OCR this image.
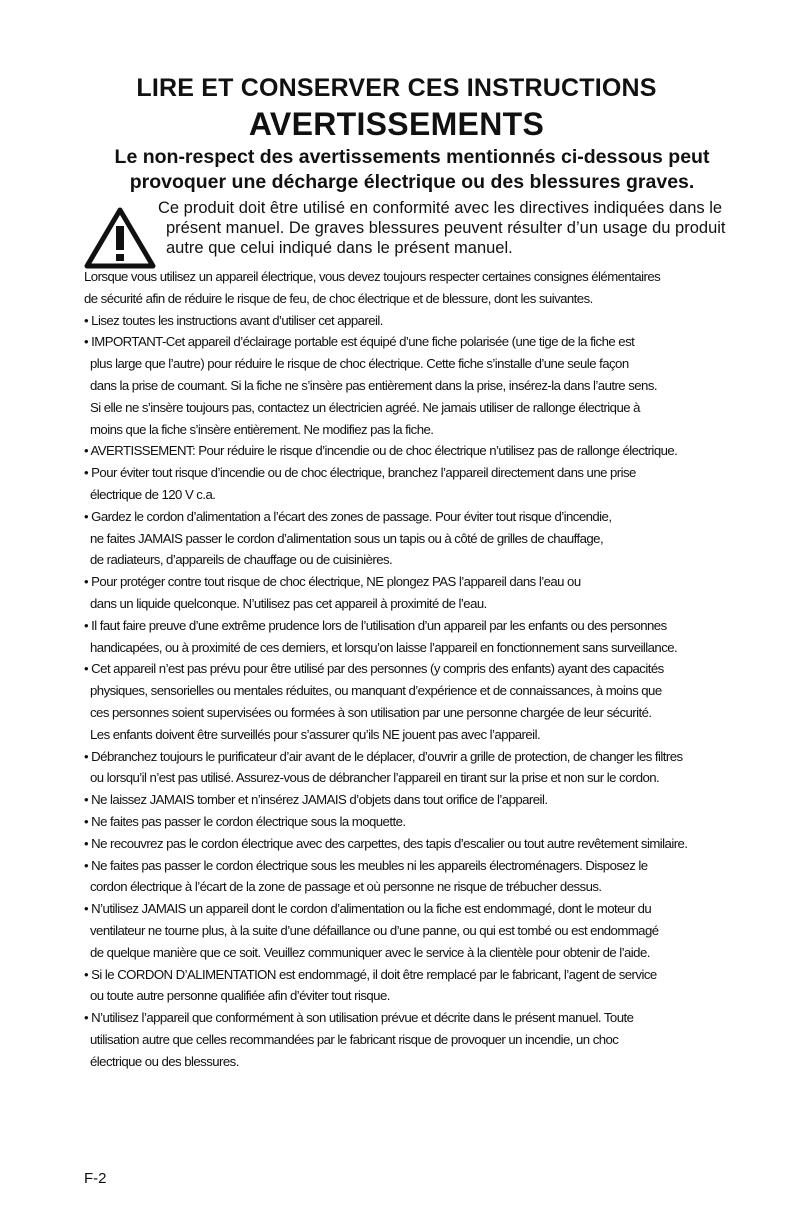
LIRE ET CONSERVER CES INSTRUCTIONS
AVERTISSEMENTS
Le non-respect des avertissements mentionnés ci-dessous peut provoquer une décharge électrique ou des blessures graves.
Ce produit doit être utilisé en conformité avec les directives indiquées dans le
présent manuel. De graves blessures peuvent résulter d’un usage du produit
autre que celui indiqué dans le présent manuel.
Lorsque vous utilisez un appareil électrique, vous devez toujours respecter certaines consignes élémentaires
de sécurité afin de réduire le risque de feu, de choc électrique et de blessure, dont les suivantes.
• Lisez toutes les instructions avant d’utiliser cet appareil.
• IMPORTANT-Cet appareil d’éclairage portable est équipé d’une fiche polarisée (une tige de la fiche est
plus large que l’autre) pour réduire le risque de choc électrique. Cette fiche s’installe d’une seule façon
dans la prise de coumant. Si la fiche ne s’insère pas entièrement dans la prise, insérez-la dans l’autre sens.
Si elle ne s’insère toujours pas, contactez un électricien agréé. Ne jamais utiliser de rallonge électrique à
moins que la fiche s’insère entièrement. Ne modifiez pas la fiche.
• AVERTISSEMENT: Pour réduire le risque d’incendie ou de choc électrique n’utilisez pas de rallonge électrique.
• Pour éviter tout risque d’incendie ou de choc électrique, branchez l’appareil directement dans une prise
électrique de 120 V c.a.
• Gardez le cordon d’alimentation a l’écart des zones de passage. Pour éviter tout risque d’incendie,
ne faites JAMAIS passer le cordon d’alimentation sous un tapis ou à côté de grilles de chauffage,
de radiateurs, d’appareils de chauffage ou de cuisinières.
• Pour protéger contre tout risque de choc électrique, NE plongez PAS l’appareil dans l’eau ou
dans un liquide quelconque. N’utilisez pas cet appareil à proximité de l’eau.
• Il faut faire preuve d’une extrême prudence lors de l’utilisation d’un appareil par les enfants ou des personnes
handicapées, ou à proximité de ces derniers, et lorsqu’on laisse l’appareil en fonctionnement sans surveillance.
• Cet appareil n’est pas prévu pour être utilisé par des personnes (y compris des enfants) ayant des capacités
physiques, sensorielles ou mentales réduites, ou manquant d’expérience et de connaissances, à moins que
ces personnes soient supervisées ou formées à son utilisation par une personne chargée de leur sécurité.
Les enfants doivent être surveillés pour s’assurer qu’ils NE jouent pas avec l’appareil.
• Débranchez toujours le purificateur d’air avant de le déplacer, d’ouvrir a grille de protection, de changer les filtres
ou lorsqu’il n’est pas utilisé. Assurez-vous de débrancher l’appareil en tirant sur la prise et non sur le cordon.
• Ne laissez JAMAIS tomber et n’insérez JAMAIS d’objets dans tout orifice de l’appareil.
• Ne faites pas passer le cordon électrique sous la moquette.
• Ne recouvrez pas le cordon électrique avec des carpettes, des tapis d’escalier ou tout autre revêtement similaire.
• Ne faites pas passer le cordon électrique sous les meubles ni les appareils électroménagers. Disposez le
cordon électrique à l’écart de la zone de passage et où personne ne risque de trébucher dessus.
• N’utilisez JAMAIS un appareil dont le cordon d’alimentation ou la fiche est endommagé, dont le moteur du
ventilateur ne tourne plus, à la suite d’une défaillance ou d’une panne, ou qui est tombé ou est endommagé
de quelque manière que ce soit. Veuillez communiquer avec le service à la clientèle pour obtenir de l’aide.
• Si le CORDON D’ALIMENTATION est endommagé, il doit être remplacé par le fabricant, l’agent de service
ou toute autre personne qualifiée afin d’éviter tout risque.
• N’utilisez l’appareil que conformément à son utilisation prévue et décrite dans le présent manuel. Toute
utilisation autre que celles recommandées par le fabricant risque de provoquer un incendie, un choc
électrique ou des blessures.
F-2
